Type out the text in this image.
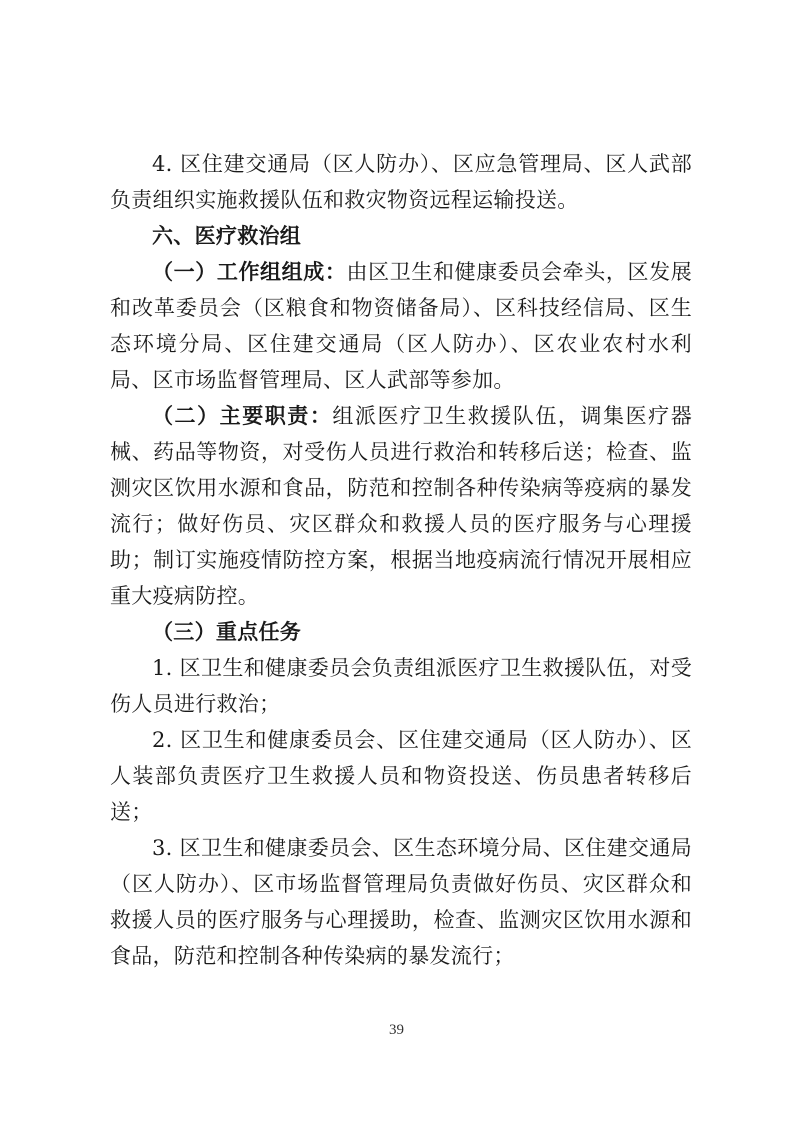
4. 区住建交通局（区人防办）、区应急管理局、区人武部负责组织实施救援队伍和救灾物资远程运输投送。

六、医疗救治组

（一）工作组组成：由区卫生和健康委员会牵头，区发展和改革委员会（区粮食和物资储备局）、区科技经信局、区生态环境分局、区住建交通局（区人防办）、区农业农村水利局、区市场监督管理局、区人武部等参加。

（二）主要职责：组派医疗卫生救援队伍，调集医疗器械、药品等物资，对受伤人员进行救治和转移后送；检查、监测灾区饮用水源和食品，防范和控制各种传染病等疫病的暴发流行；做好伤员、灾区群众和救援人员的医疗服务与心理援助；制订实施疫情防控方案，根据当地疫病流行情况开展相应重大疫病防控。

（三）重点任务

1. 区卫生和健康委员会负责组派医疗卫生救援队伍，对受伤人员进行救治；

2. 区卫生和健康委员会、区住建交通局（区人防办）、区人装部负责医疗卫生救援人员和物资投送、伤员患者转移后送；

3. 区卫生和健康委员会、区生态环境分局、区住建交通局（区人防办）、区市场监督管理局负责做好伤员、灾区群众和救援人员的医疗服务与心理援助，检查、监测灾区饮用水源和食品，防范和控制各种传染病的暴发流行；

39
